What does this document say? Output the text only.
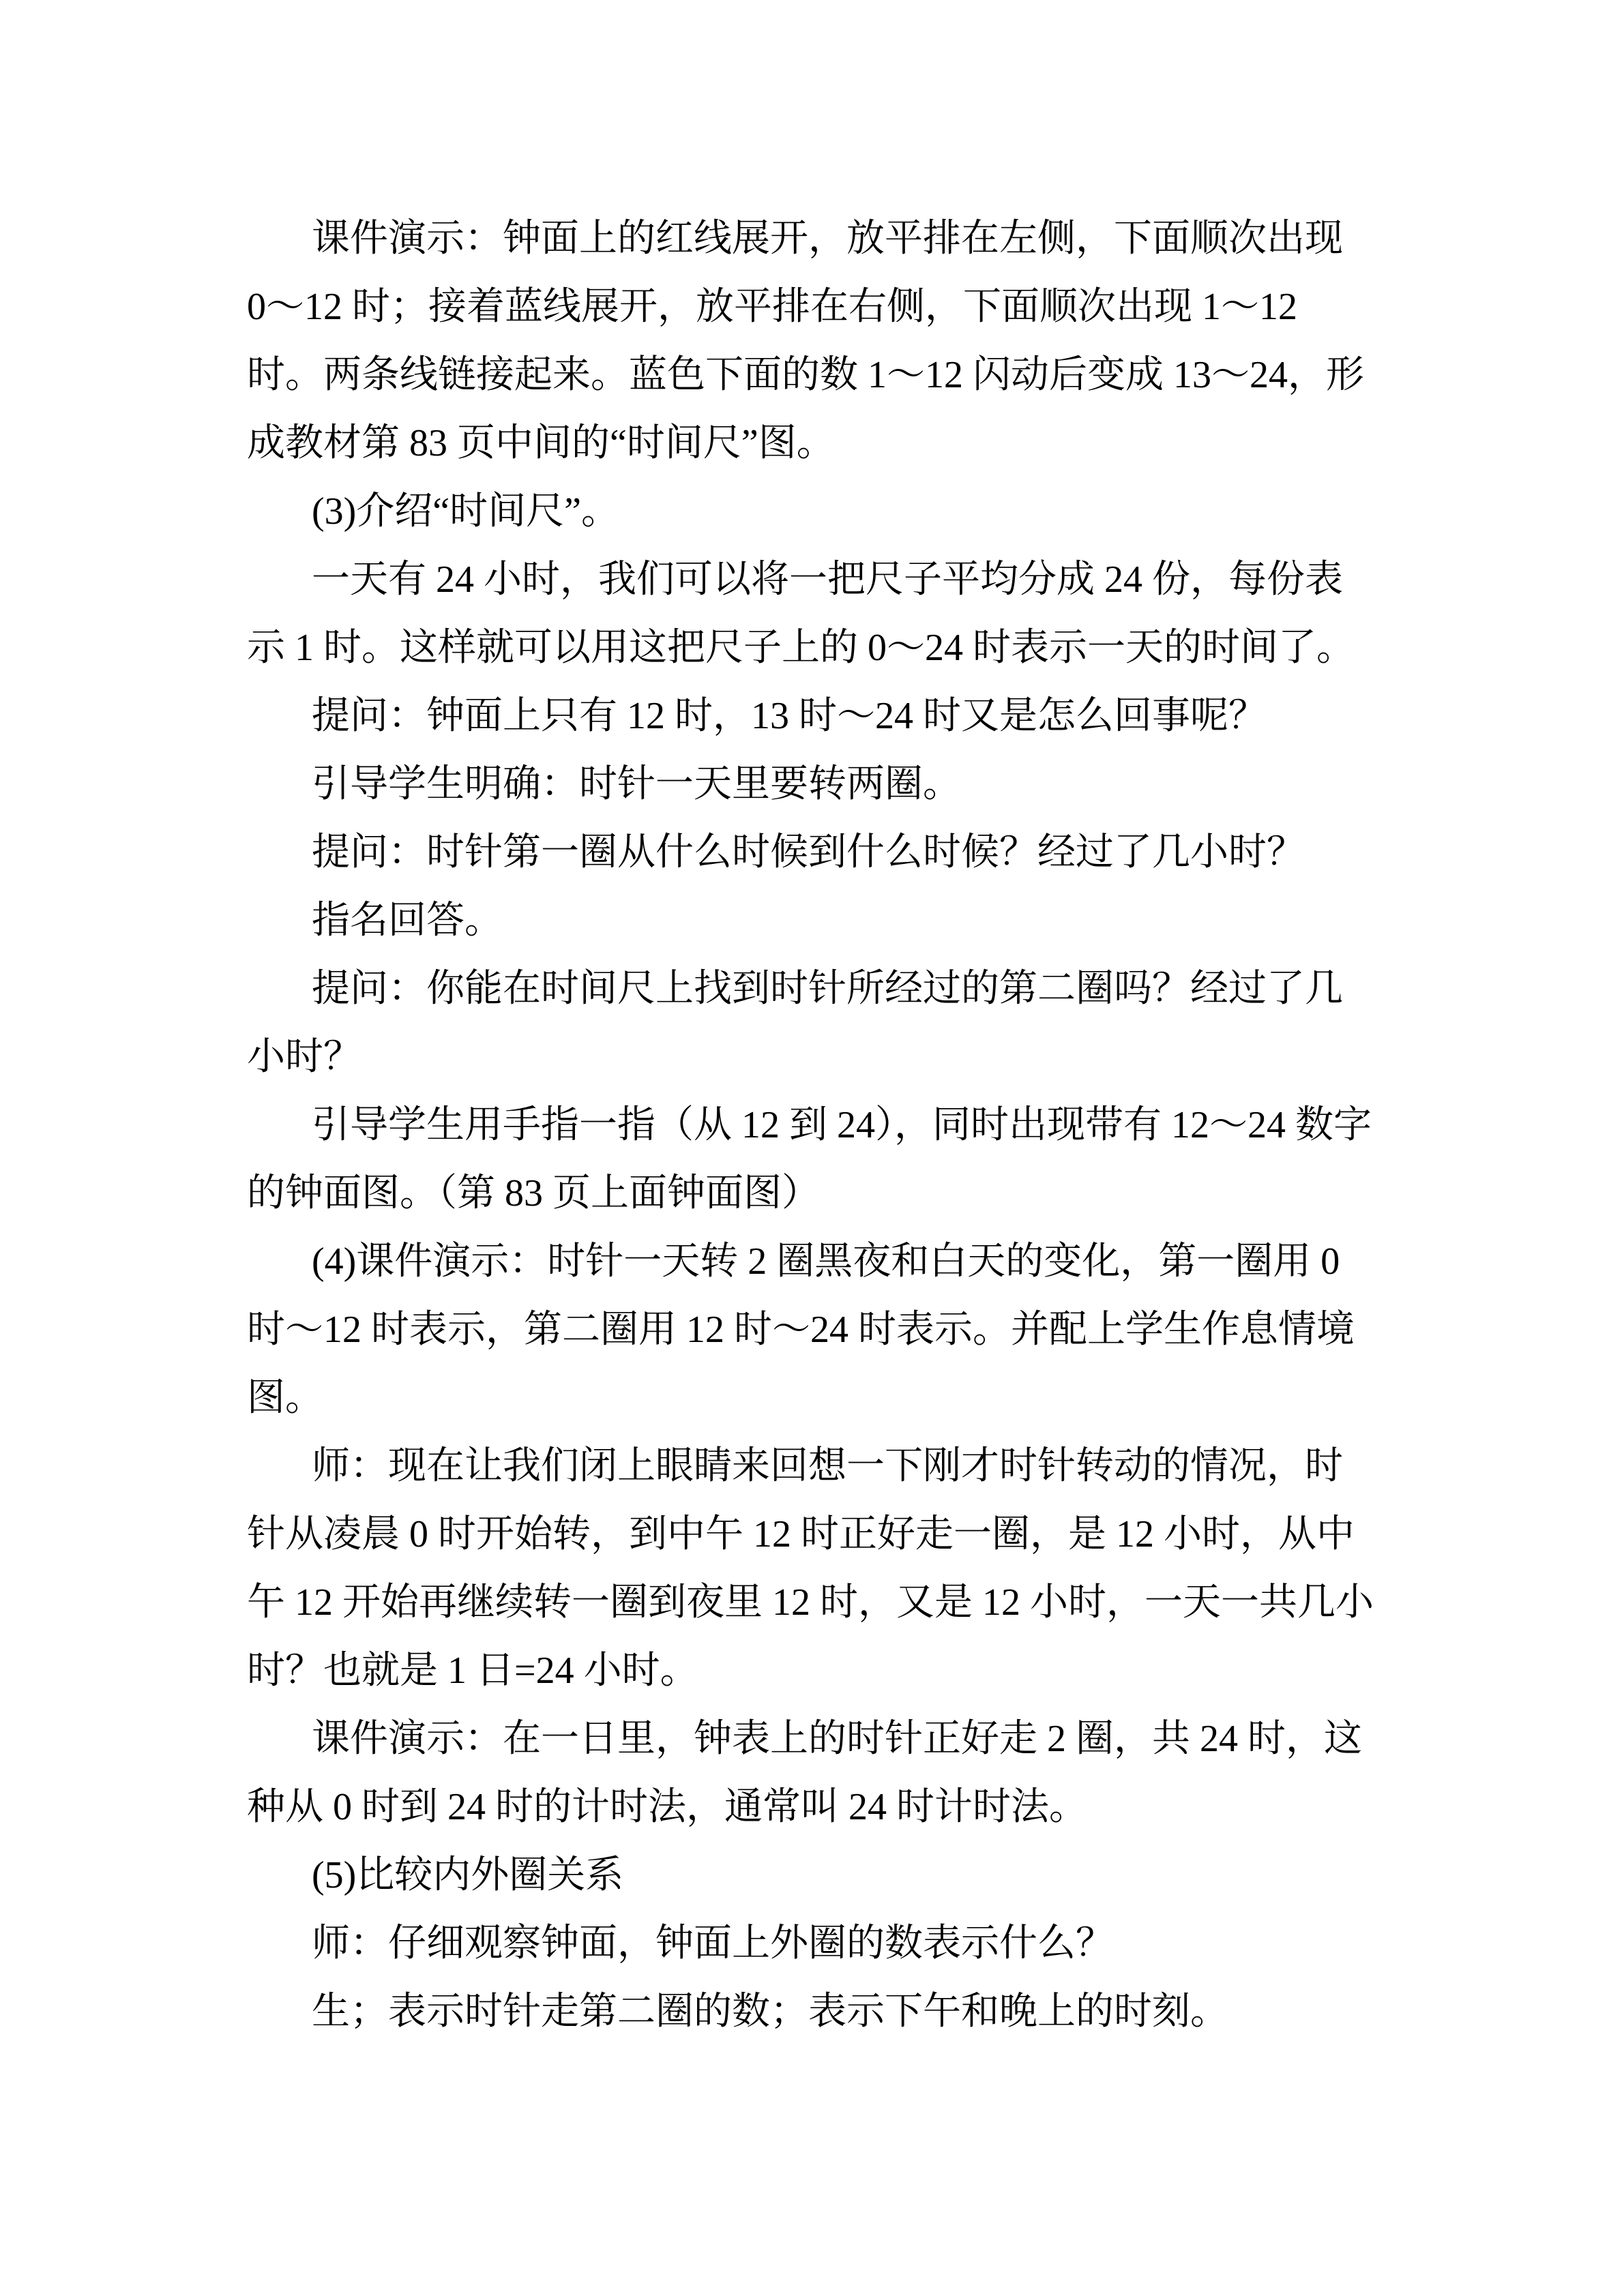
课件演示：钟面上的红线展开，放平排在左侧，下面顺次出现
0～12 时；接着蓝线展开，放平排在右侧，下面顺次出现 1～12
时。两条线链接起来。蓝色下面的数 1～12 闪动后变成 13～24，形
成教材第 83 页中间的“时间尺”图。
(3)介绍“时间尺”。
一天有 24 小时，我们可以将一把尺子平均分成 24 份，每份表
示 1 时。这样就可以用这把尺子上的 0～24 时表示一天的时间了。
提问：钟面上只有 12 时，13 时～24 时又是怎么回事呢？
引导学生明确：时针一天里要转两圈。
提问：时针第一圈从什么时候到什么时候？经过了几小时？
指名回答。
提问：你能在时间尺上找到时针所经过的第二圈吗？经过了几
小时？
引导学生用手指一指（从 12 到 24），同时出现带有 12～24 数字
的钟面图。（第 83 页上面钟面图）
(4)课件演示：时针一天转 2 圈黑夜和白天的变化，第一圈用 0
时～12 时表示，第二圈用 12 时～24 时表示。并配上学生作息情境
图。
师：现在让我们闭上眼睛来回想一下刚才时针转动的情况，时
针从凌晨 0 时开始转，到中午 12 时正好走一圈，是 12 小时，从中
午 12 开始再继续转一圈到夜里 12 时，又是 12 小时，一天一共几小
时？也就是 1 日=24 小时。
课件演示：在一日里，钟表上的时针正好走 2 圈，共 24 时，这
种从 0 时到 24 时的计时法，通常叫 24 时计时法。
(5)比较内外圈关系
师：仔细观察钟面，钟面上外圈的数表示什么？
生；表示时针走第二圈的数；表示下午和晚上的时刻。
